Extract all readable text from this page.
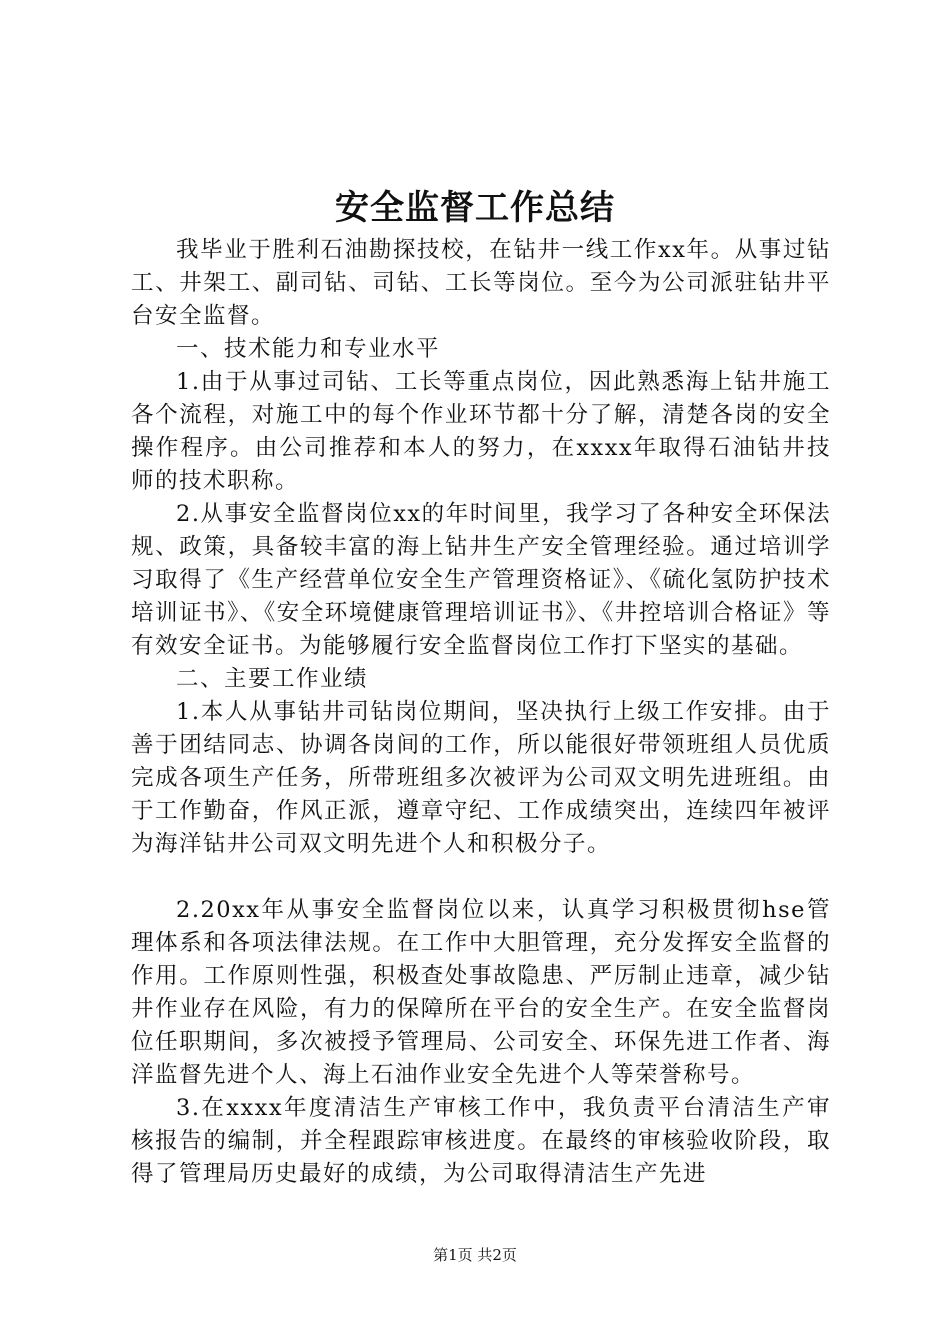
安全监督工作总结

我毕业于胜利石油勘探技校，在钻井一线工作xx年。从事过钻工、井架工、副司钻、司钻、工长等岗位。至今为公司派驻钻井平台安全监督。

一、技术能力和专业水平

1.由于从事过司钻、工长等重点岗位，因此熟悉海上钻井施工各个流程，对施工中的每个作业环节都十分了解，清楚各岗的安全操作程序。由公司推荐和本人的努力，在xxxx年取得石油钻井技师的技术职称。

2.从事安全监督岗位xx的年时间里，我学习了各种安全环保法规、政策，具备较丰富的海上钻井生产安全管理经验。通过培训学习取得了《生产经营单位安全生产管理资格证》、《硫化氢防护技术培训证书》、《安全环境健康管理培训证书》、《井控培训合格证》等有效安全证书。为能够履行安全监督岗位工作打下坚实的基础。

二、主要工作业绩

1.本人从事钻井司钻岗位期间，坚决执行上级工作安排。由于善于团结同志、协调各岗间的工作，所以能很好带领班组人员优质完成各项生产任务，所带班组多次被评为公司双文明先进班组。由于工作勤奋，作风正派，遵章守纪、工作成绩突出，连续四年被评为海洋钻井公司双文明先进个人和积极分子。

2.20xx年从事安全监督岗位以来，认真学习积极贯彻hse管理体系和各项法律法规。在工作中大胆管理，充分发挥安全监督的作用。工作原则性强，积极查处事故隐患、严厉制止违章，减少钻井作业存在风险，有力的保障所在平台的安全生产。在安全监督岗位任职期间，多次被授予管理局、公司安全、环保先进工作者、海洋监督先进个人、海上石油作业安全先进个人等荣誉称号。

3.在xxxx年度清洁生产审核工作中，我负责平台清洁生产审核报告的编制，并全程跟踪审核进度。在最终的审核验收阶段，取得了管理局历史最好的成绩，为公司取得清洁生产先进

第1页 共2页
